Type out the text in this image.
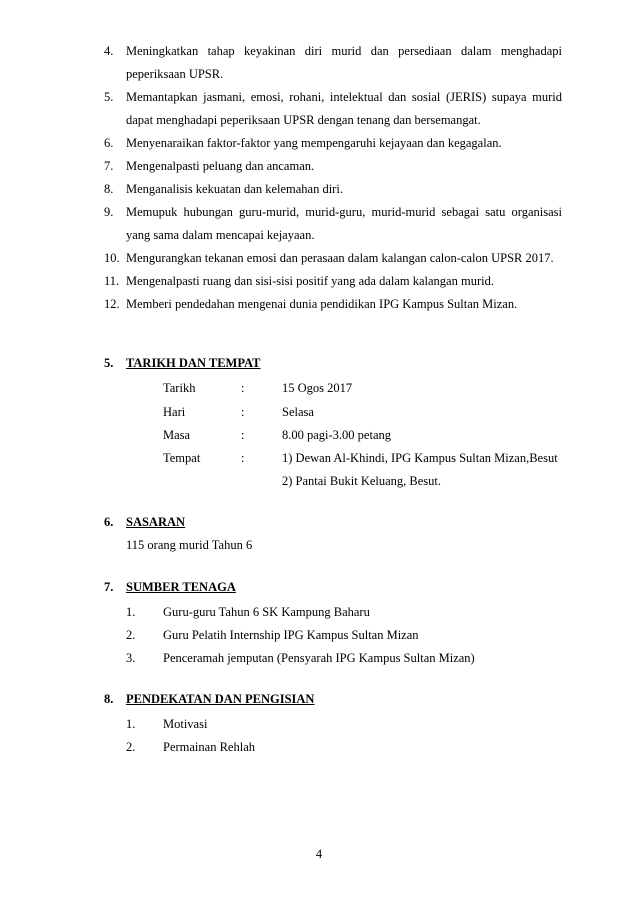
4. Meningkatkan tahap keyakinan diri murid dan persediaan dalam menghadapi peperiksaan UPSR.
5. Memantapkan jasmani, emosi, rohani, intelektual dan sosial (JERIS) supaya murid dapat menghadapi peperiksaan UPSR dengan tenang dan bersemangat.
6. Menyenaraikan faktor-faktor yang mempengaruhi kejayaan dan kegagalan.
7. Mengenalpasti peluang dan ancaman.
8. Menganalisis kekuatan dan kelemahan diri.
9. Memupuk hubungan guru-murid, murid-guru, murid-murid sebagai satu organisasi yang sama dalam mencapai kejayaan.
10. Mengurangkan tekanan emosi dan perasaan dalam kalangan calon-calon UPSR 2017.
11. Mengenalpasti ruang dan sisi-sisi positif yang ada dalam kalangan murid.
12. Memberi pendedahan mengenai dunia pendidikan IPG Kampus Sultan Mizan.
5. TARIKH DAN TEMPAT
Tarikh	:	15 Ogos 2017
Hari	:	Selasa
Masa	:	8.00 pagi-3.00 petang
Tempat	:	1) Dewan Al-Khindi, IPG Kampus Sultan Mizan,Besut
2) Pantai Bukit Keluang, Besut.
6. SASARAN
115 orang murid Tahun 6
7. SUMBER TENAGA
1. Guru-guru Tahun 6 SK Kampung Baharu
2. Guru Pelatih Internship IPG Kampus Sultan Mizan
3. Penceramah jemputan (Pensyarah IPG Kampus Sultan Mizan)
8. PENDEKATAN DAN PENGISIAN
1. Motivasi
2. Permainan Rehlah
4
